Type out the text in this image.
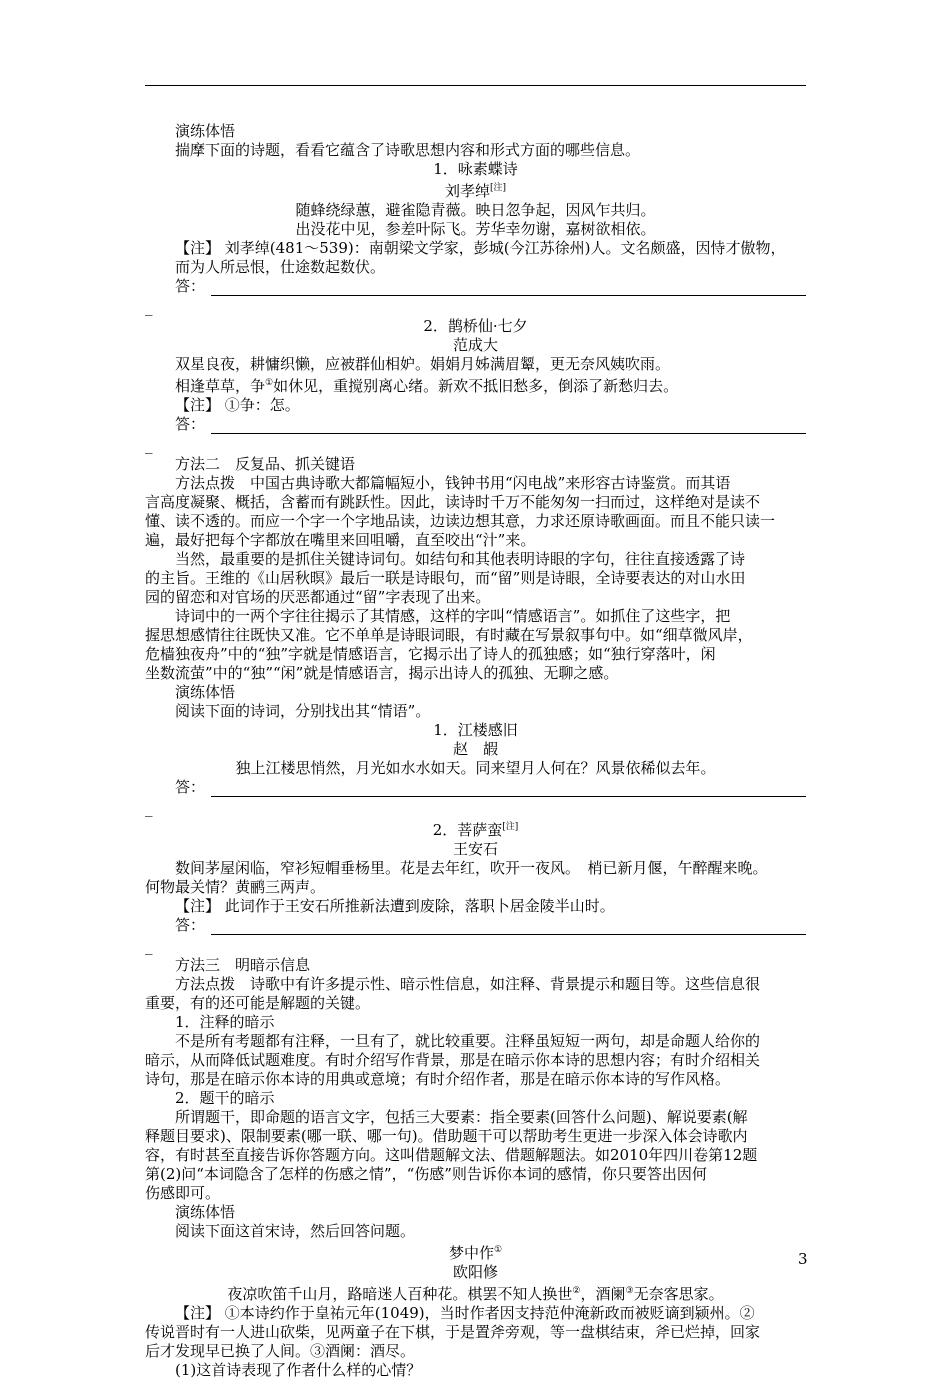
演练体悟

揣摩下面的诗题，看看它蕴含了诗歌思想内容和形式方面的哪些信息。

1．咏素蝶诗

刘孝绰[注]

随蜂绕绿蕙，避雀隐青薇。映日忽争起，因风乍共归。

出没花中见，参差叶际飞。芳华幸勿谢，嘉树欲相依。

【注】 刘孝绰(481～539)：南朝梁文学家，彭城(今江苏徐州)人。文名颇盛，因恃才傲物，

而为人所忌恨，仕途数起数伏。

答：
_

2．鹊桥仙·七夕

范成大

双星良夜，耕慵织懒，应被群仙相妒。娟娟月姊满眉颦，更无奈风姨吹雨。

相逢草草，争①如休见，重搅别离心绪。新欢不抵旧愁多，倒添了新愁归去。

【注】 ①争：怎。

答：
_

方法二　反复品、抓关键语

方法点拨　中国古典诗歌大都篇幅短小，钱钟书用“闪电战”来形容古诗鉴赏。而其语

言高度凝聚、概括，含蓄而有跳跃性。因此，读诗时千万不能匆匆一扫而过，这样绝对是读不

懂、读不透的。而应一个字一个字地品读，边读边想其意，力求还原诗歌画面。而且不能只读一

遍，最好把每个字都放在嘴里来回咀嚼，直至咬出“汁”来。

当然，最重要的是抓住关键诗词句。如结句和其他表明诗眼的字句，往往直接透露了诗

的主旨。王维的《山居秋暝》最后一联是诗眼句，而“留”则是诗眼，全诗要表达的对山水田

园的留恋和对官场的厌恶都通过“留”字表现了出来。

诗词中的一两个字往往揭示了其情感，这样的字叫“情感语言”。如抓住了这些字，把

握思想感情往往既快又准。它不单单是诗眼词眼，有时藏在写景叙事句中。如“细草微风岸，

危樯独夜舟”中的“独”字就是情感语言，它揭示出了诗人的孤独感；如“独行穿落叶，闲

坐数流萤”中的“独”“闲”就是情感语言，揭示出诗人的孤独、无聊之感。

演练体悟

阅读下面的诗词，分别找出其“情语”。

1．江楼感旧

赵　嘏

独上江楼思悄然，月光如水水如天。同来望月人何在？风景依稀似去年。

答：
_

2．菩萨蛮[注]

王安石

数间茅屋闲临，窄衫短帽垂杨里。花是去年红，吹开一夜风。　梢已新月偃，午醉醒来晚。

何物最关情？黄鹂三两声。

【注】 此词作于王安石所推新法遭到废除，落职卜居金陵半山时。

答：
_

方法三　明暗示信息

方法点拨　诗歌中有许多提示性、暗示性信息，如注释、背景提示和题目等。这些信息很

重要，有的还可能是解题的关键。

1．注释的暗示

不是所有考题都有注释，一旦有了，就比较重要。注释虽短短一两句，却是命题人给你的

暗示，从而降低试题难度。有时介绍写作背景，那是在暗示你本诗的思想内容；有时介绍相关

诗句，那是在暗示你本诗的用典或意境；有时介绍作者，那是在暗示你本诗的写作风格。

2．题干的暗示

所谓题干，即命题的语言文字，包括三大要素：指全要素(回答什么问题)、解说要素(解

释题目要求)、限制要素(哪一联、哪一句)。借助题干可以帮助考生更进一步深入体会诗歌内

容，有时甚至直接告诉你答题方向。这叫借题解文法、借题解题法。如2010年四川卷第12题

第(2)问“本词隐含了怎样的伤感之情”，“伤感”则告诉你本词的感情，你只要答出因何

伤感即可。

演练体悟

阅读下面这首宋诗，然后回答问题。

梦中作①

欧阳修

夜凉吹笛千山月，路暗迷人百种花。棋罢不知人换世②，酒阑③无奈客思家。

【注】 ①本诗约作于皇祐元年(1049)，当时作者因支持范仲淹新政而被贬谪到颍州。②

传说晋时有一人进山砍柴，见两童子在下棋，于是置斧旁观，等一盘棋结束，斧已烂掉，回家

后才发现早已换了人间。③酒阑：酒尽。

(1)这首诗表现了作者什么样的心情？

3
